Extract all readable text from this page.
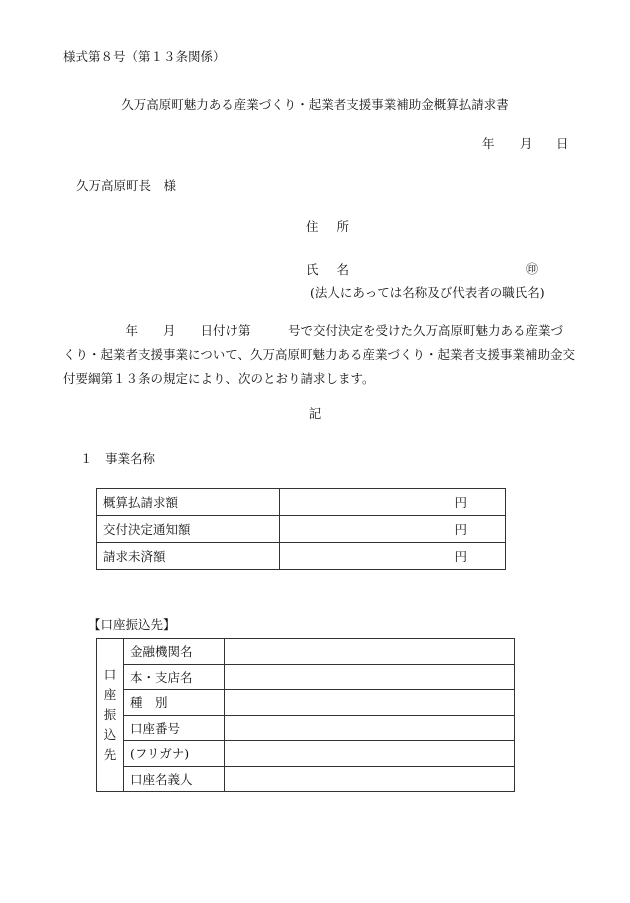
様式第８号（第１３条関係）
久万高原町魅力ある産業づくり・起業者支援事業補助金概算払請求書
年 月 日
久万高原町長　様
住 所
氏 名	㊞
(法人にあっては名称及び代表者の職氏名)
　　　　　年　　月　　日付け第　　　号で交付決定を受けた久万高原町魅力ある産業づ
くり・起業者支援事業について、久万高原町魅力ある産業づくり・起業者支援事業補助金交
付要綱第１３条の規定により、次のとおり請求します。
記
１　事業名称
概算払請求額	円
交付決定通知額	円
請求未済額	円
【口座振込先】
口
座
振
込
先	金融機関名	
	本・支店名	
	種　別	
	口座番号	
	(フリガナ)	
	口座名義人	
